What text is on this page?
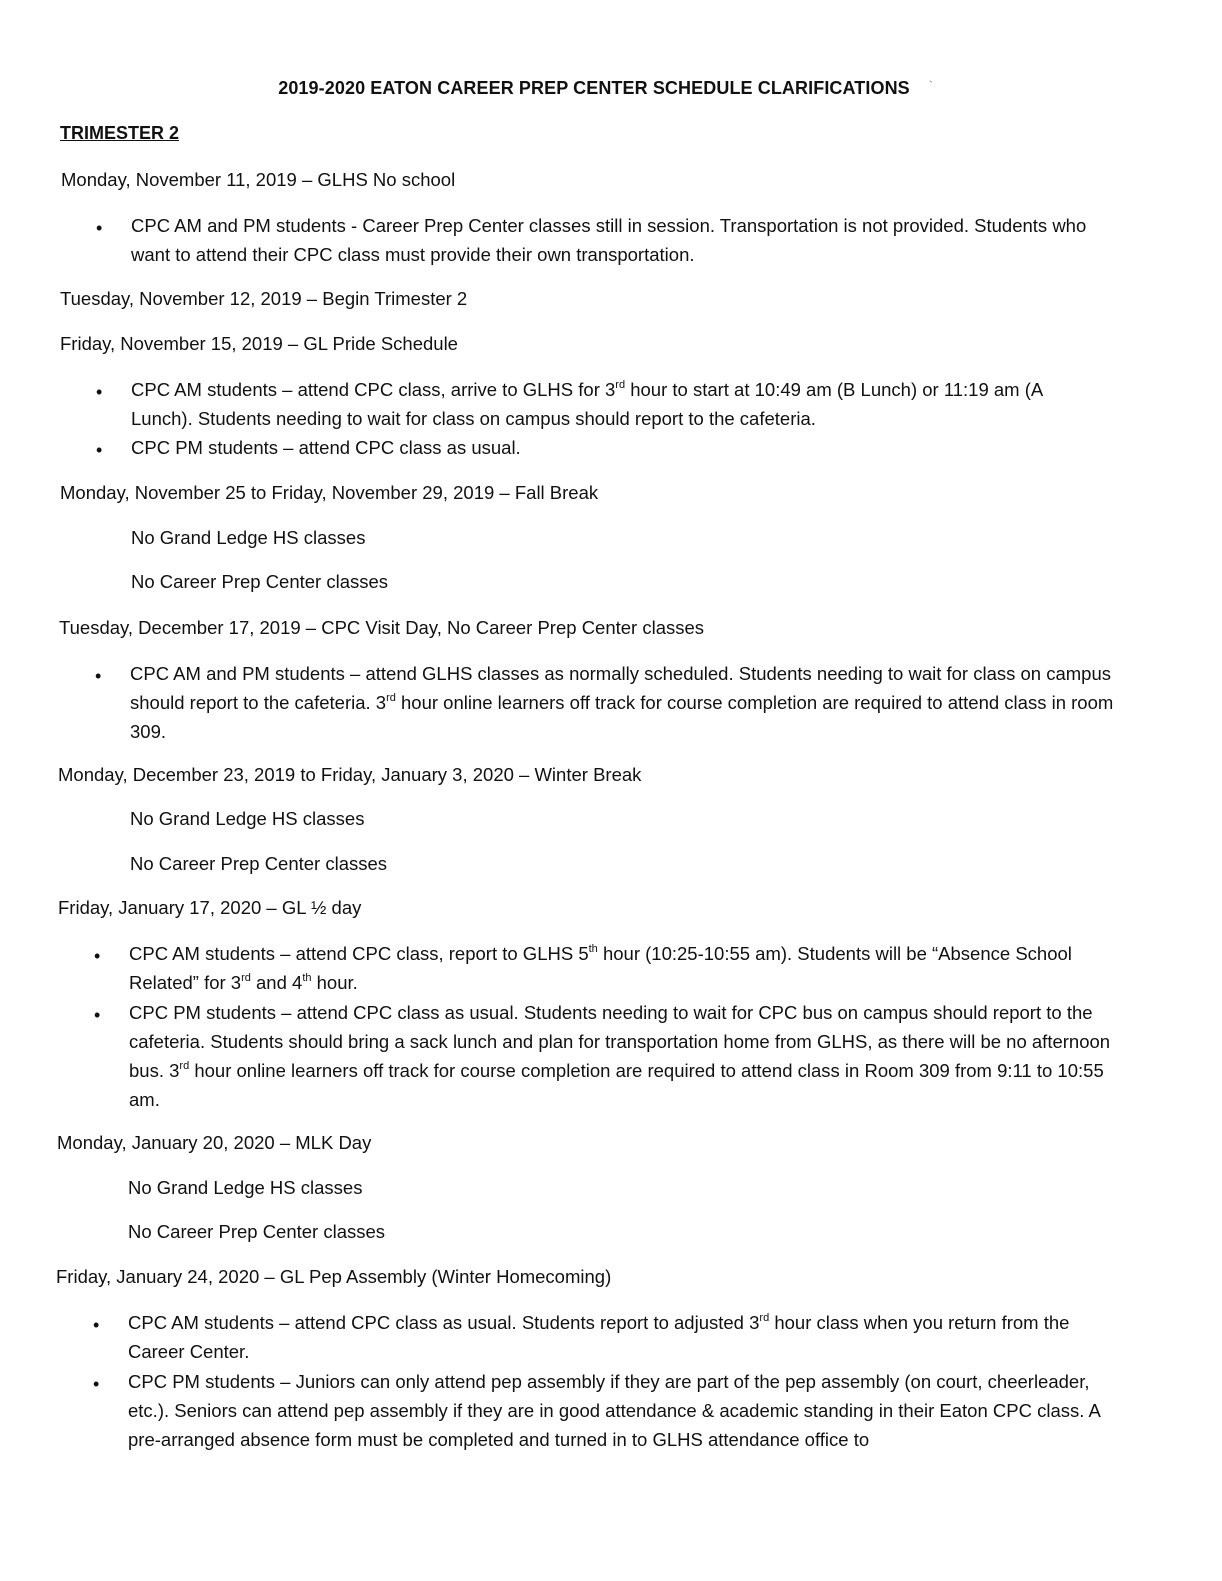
2019-2020 EATON CAREER PREP CENTER SCHEDULE CLARIFICATIONS	`
TRIMESTER 2
Monday, November 11, 2019 – GLHS No school
• CPC AM and PM students - Career Prep Center classes still in session. Transportation is not provided. Students who want to attend their CPC class must provide their own transportation.
Tuesday, November 12, 2019 – Begin Trimester 2
Friday, November 15, 2019 – GL Pride Schedule
• CPC AM students – attend CPC class, arrive to GLHS for 3rd hour to start at 10:49 am (B Lunch) or 11:19 am (A Lunch). Students needing to wait for class on campus should report to the cafeteria.
• CPC PM students – attend CPC class as usual.
Monday, November 25 to Friday, November 29, 2019 – Fall Break
No Grand Ledge HS classes
No Career Prep Center classes
Tuesday, December 17, 2019 – CPC Visit Day, No Career Prep Center classes
• CPC AM and PM students – attend GLHS classes as normally scheduled. Students needing to wait for class on campus should report to the cafeteria. 3rd hour online learners off track for course completion are required to attend class in room 309.
Monday, December 23, 2019 to Friday, January 3, 2020 – Winter Break
No Grand Ledge HS classes
No Career Prep Center classes
Friday, January 17, 2020 – GL ½ day
• CPC AM students – attend CPC class, report to GLHS 5th hour (10:25-10:55 am). Students will be “Absence School Related” for 3rd and 4th hour.
• CPC PM students – attend CPC class as usual. Students needing to wait for CPC bus on campus should report to the cafeteria. Students should bring a sack lunch and plan for transportation home from GLHS, as there will be no afternoon bus. 3rd hour online learners off track for course completion are required to attend class in Room 309 from 9:11 to 10:55 am.
Monday, January 20, 2020 – MLK Day
No Grand Ledge HS classes
No Career Prep Center classes
Friday, January 24, 2020 – GL Pep Assembly (Winter Homecoming)
• CPC AM students – attend CPC class as usual. Students report to adjusted 3rd hour class when you return from the Career Center.
• CPC PM students – Juniors can only attend pep assembly if they are part of the pep assembly (on court, cheerleader, etc.). Seniors can attend pep assembly if they are in good attendance & academic standing in their Eaton CPC class. A pre-arranged absence form must be completed and turned in to GLHS attendance office to
